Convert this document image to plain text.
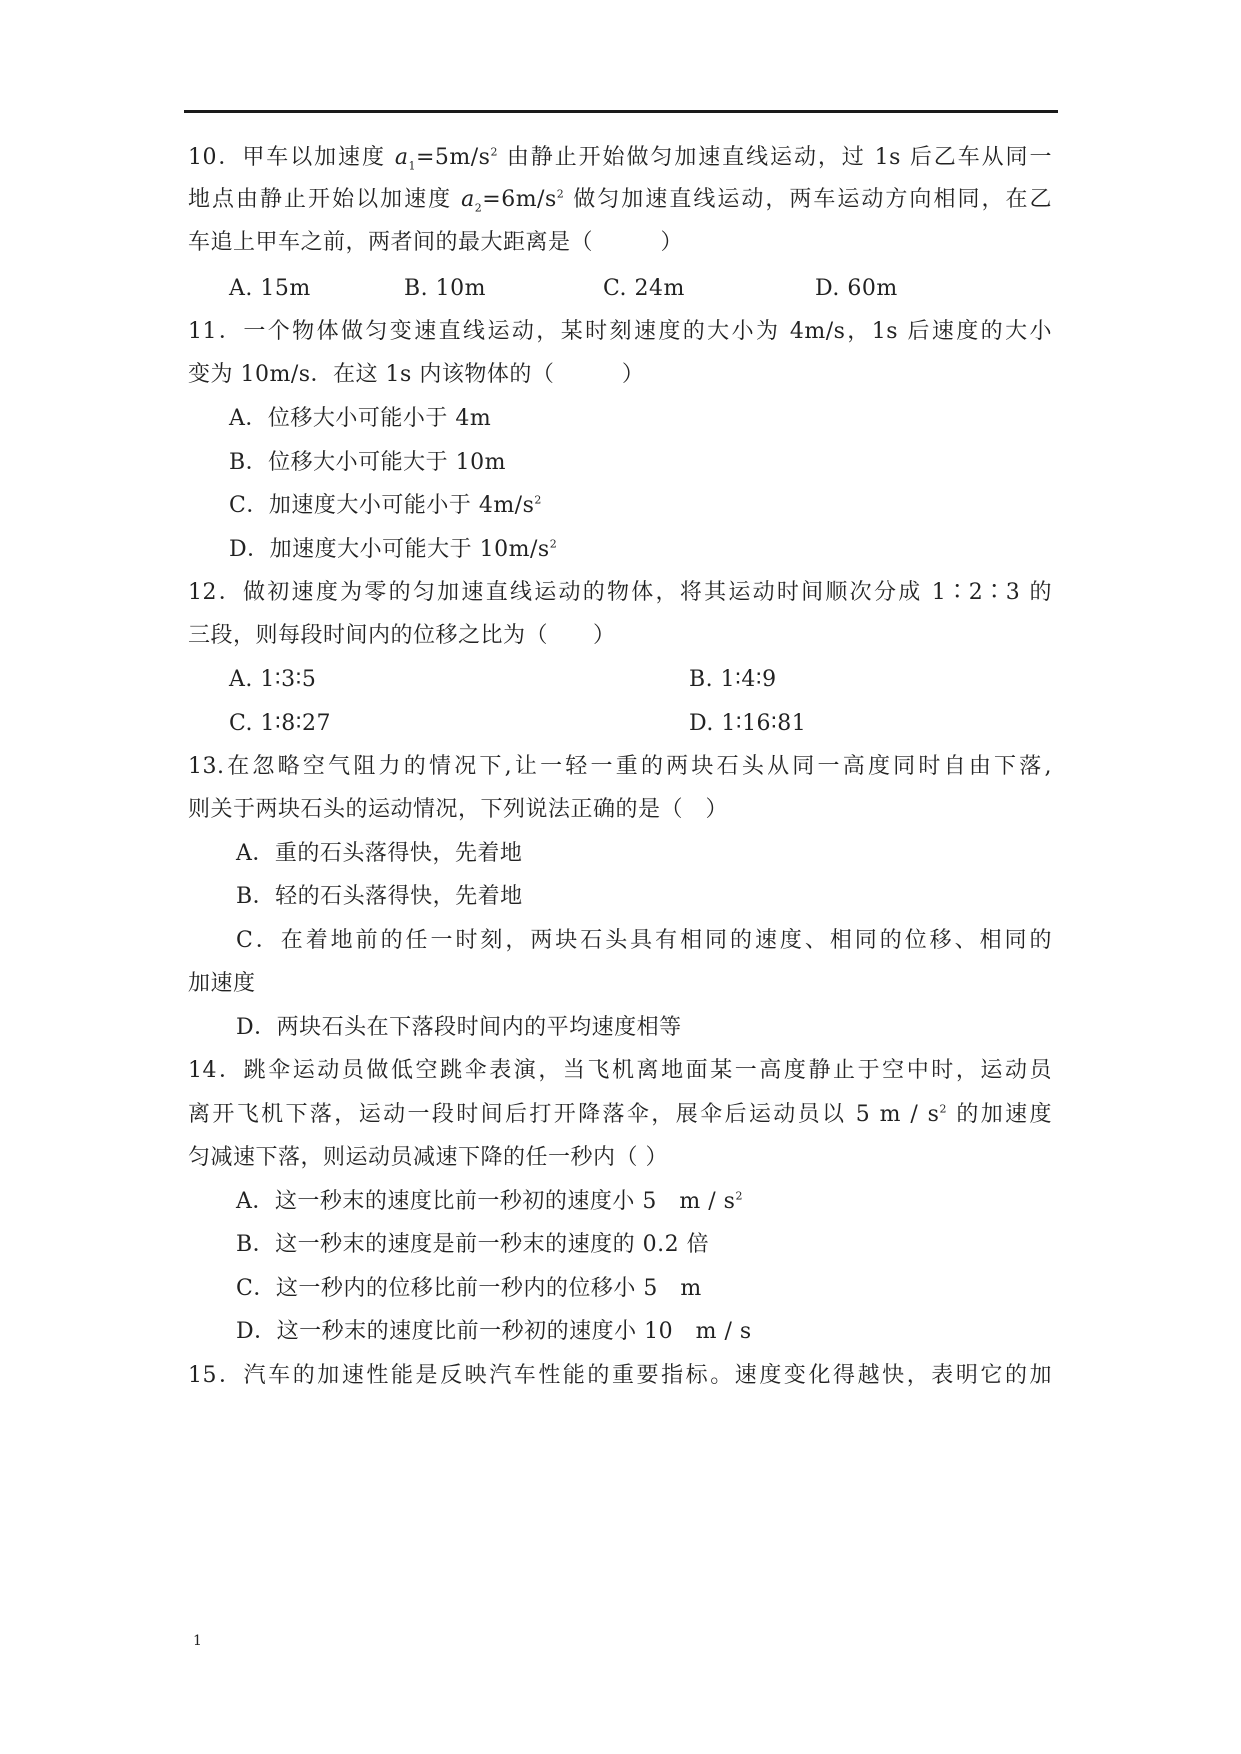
10．甲车以加速度 $a_1=5m/s^2$ 由静止开始做匀加速直线运动，过 1s 后乙车从同一
地点由静止开始以加速度 $a_2=6m/s^2$ 做匀加速直线运动，两车运动方向相同，在乙
车追上甲车之前，两者间的最大距离是（　　　）
A. 15m	B. 10m	C. 24m	D. 60m
11．一个物体做匀变速直线运动，某时刻速度的大小为 4m/s，1s 后速度的大小
变为 10m/s．在这 1s 内该物体的（　　　）
A．位移大小可能小于 4m
B．位移大小可能大于 10m
C．加速度大小可能小于 $4m/s^2$
D．加速度大小可能大于 $10m/s^2$
12．做初速度为零的匀加速直线运动的物体，将其运动时间顺次分成 1∶2∶3 的
三段，则每段时间内的位移之比为（　　）
A. 1∶3∶5	B. 1∶4∶9
C. 1∶8∶27	D. 1∶16∶81
13.在忽略空气阻力的情况下,让一轻一重的两块石头从同一高度同时自由下落,
则关于两块石头的运动情况，下列说法正确的是（　）
A．重的石头落得快，先着地
B．轻的石头落得快，先着地
C．在着地前的任一时刻，两块石头具有相同的速度、相同的位移、相同的
加速度
D．两块石头在下落段时间内的平均速度相等
14．跳伞运动员做低空跳伞表演，当飞机离地面某一高度静止于空中时，运动员
离开飞机下落，运动一段时间后打开降落伞，展伞后运动员以 5 m / $s^2$ 的加速度
匀减速下落，则运动员减速下降的任一秒内（ ）
A．这一秒末的速度比前一秒初的速度小 5　m / $s^2$
B．这一秒末的速度是前一秒末的速度的 0.2 倍
C．这一秒内的位移比前一秒内的位移小 5　m
D．这一秒末的速度比前一秒初的速度小 10　m / s
15．汽车的加速性能是反映汽车性能的重要指标。速度变化得越快，表明它的加
1
